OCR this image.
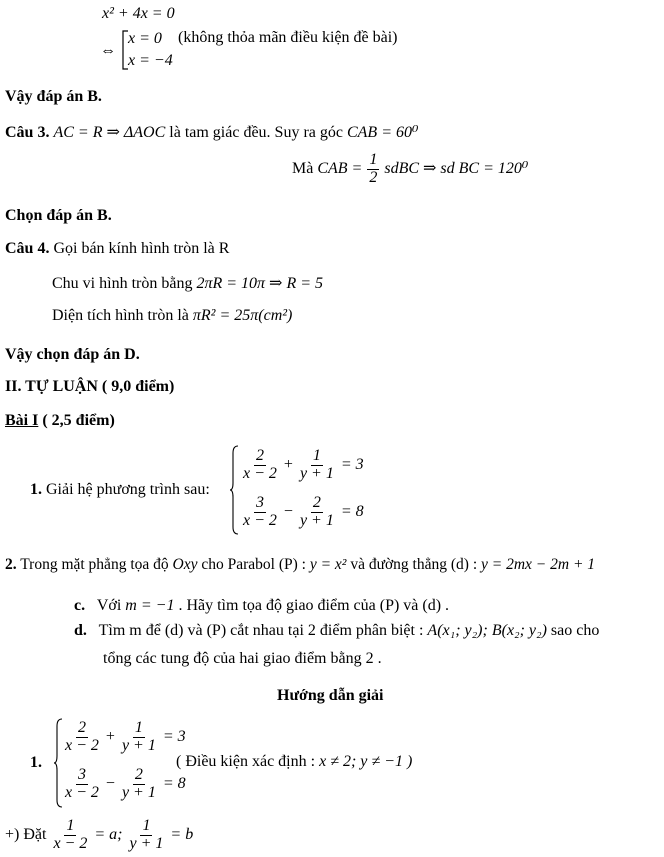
x² + 4x = 0
⇔
x = 0
x = −4
(không thỏa mãn điều kiện đề bài)
Vậy đáp án B.
Câu 3. AC = R ⇒ ΔAOC là tam giác đều. Suy ra góc CAB = 60⁰
Mà CAB = $\frac{1}{2}$ sdBC ⇒ sd BC = 120⁰
Chọn đáp án B.
Câu 4. Gọi bán kính hình tròn là R
Chu vi hình tròn bằng 2πR = 10π ⇒ R = 5
Diện tích hình tròn là πR² = 25π(cm²)
Vậy chọn đáp án D.
II. TỰ LUẬN ( 9,0 điểm)
Bài I ( 2,5 điểm)
1. Giải hệ phương trình sau:
$\frac{2}{x - 2} + \frac{1}{y + 1} = 3$
$\frac{3}{x - 2} - \frac{2}{y + 1} = 8$
2. Trong mặt phẳng tọa độ Oxy cho Parabol (P) : y = x² và đường thẳng (d) : y = 2mx − 2m + 1
c. Với m = −1 . Hãy tìm tọa độ giao điểm của (P) và (d) .
d. Tìm m để (d) và (P) cắt nhau tại 2 điểm phân biệt : A(x₁; y₂); B(x₂; y₂) sao cho
tổng các tung độ của hai giao điểm bằng 2 .
Hướng dẫn giải
1.
$\frac{2}{x - 2} + \frac{1}{y + 1} = 3$
$\frac{3}{x - 2} - \frac{2}{y + 1} = 8$
( Điều kiện xác định : x ≠ 2; y ≠ −1 )
+) Đặt $\frac{1}{x - 2} = a$; $\frac{1}{y + 1} = b$
